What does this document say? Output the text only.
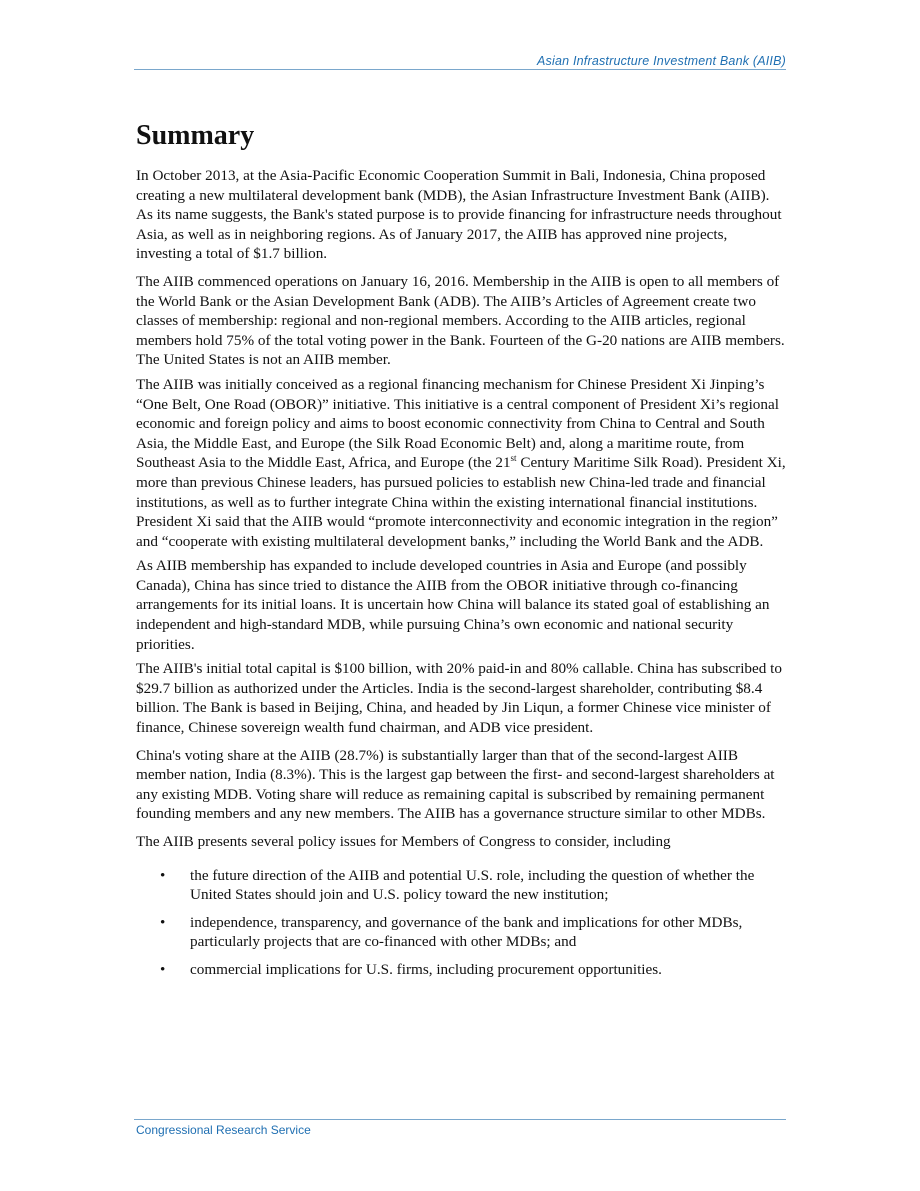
Asian Infrastructure Investment Bank (AIIB)
Summary

In October 2013, at the Asia-Pacific Economic Cooperation Summit in Bali, Indonesia, China proposed creating a new multilateral development bank (MDB), the Asian Infrastructure Investment Bank (AIIB). As its name suggests, the Bank's stated purpose is to provide financing for infrastructure needs throughout Asia, as well as in neighboring regions. As of January 2017, the AIIB has approved nine projects, investing a total of $1.7 billion.

The AIIB commenced operations on January 16, 2016. Membership in the AIIB is open to all members of the World Bank or the Asian Development Bank (ADB). The AIIB’s Articles of Agreement create two classes of membership: regional and non-regional members. According to the AIIB articles, regional members hold 75% of the total voting power in the Bank. Fourteen of the G-20 nations are AIIB members. The United States is not an AIIB member.

The AIIB was initially conceived as a regional financing mechanism for Chinese President Xi Jinping’s “One Belt, One Road (OBOR)” initiative. This initiative is a central component of President Xi’s regional economic and foreign policy and aims to boost economic connectivity from China to Central and South Asia, the Middle East, and Europe (the Silk Road Economic Belt) and, along a maritime route, from Southeast Asia to the Middle East, Africa, and Europe (the 21st Century Maritime Silk Road). President Xi, more than previous Chinese leaders, has pursued policies to establish new China-led trade and financial institutions, as well as to further integrate China within the existing international financial institutions. President Xi said that the AIIB would “promote interconnectivity and economic integration in the region” and “cooperate with existing multilateral development banks,” including the World Bank and the ADB.

As AIIB membership has expanded to include developed countries in Asia and Europe (and possibly Canada), China has since tried to distance the AIIB from the OBOR initiative through co-financing arrangements for its initial loans. It is uncertain how China will balance its stated goal of establishing an independent and high-standard MDB, while pursuing China’s own economic and national security priorities.

The AIIB's initial total capital is $100 billion, with 20% paid-in and 80% callable. China has subscribed to $29.7 billion as authorized under the Articles. India is the second-largest shareholder, contributing $8.4 billion. The Bank is based in Beijing, China, and headed by Jin Liqun, a former Chinese vice minister of finance, Chinese sovereign wealth fund chairman, and ADB vice president.

China's voting share at the AIIB (28.7%) is substantially larger than that of the second-largest AIIB member nation, India (8.3%). This is the largest gap between the first- and second-largest shareholders at any existing MDB. Voting share will reduce as remaining capital is subscribed by remaining permanent founding members and any new members. The AIIB has a governance structure similar to other MDBs.

The AIIB presents several policy issues for Members of Congress to consider, including

• the future direction of the AIIB and potential U.S. role, including the question of whether the United States should join and U.S. policy toward the new institution;
• independence, transparency, and governance of the bank and implications for other MDBs, particularly projects that are co-financed with other MDBs; and
• commercial implications for U.S. firms, including procurement opportunities.
Congressional Research Service
